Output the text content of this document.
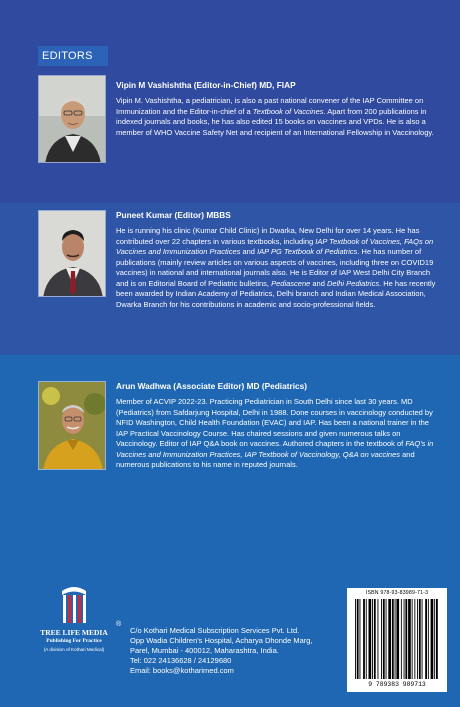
EDITORS
Vipin M Vashishtha (Editor-in-Chief) MD, FIAP
Vipin M. Vashishtha, a pediatrician, is also a past national convener of the IAP Committee on Immunization and the Editor-in-chief of a Textbook of Vaccines. Apart from 200 publications in indexed journals and books, he has also edited 15 books on vaccines and VPDs. He is also a member of WHO Vaccine Safety Net and recipient of an International Fellowship in Vaccinology.
Puneet Kumar (Editor) MBBS
He is running his clinic (Kumar Child Clinic) in Dwarka, New Delhi for over 14 years. He has contributed over 22 chapters in various textbooks, including IAP Textbook of Vaccines, FAQs on Vaccines and Immunization Practices and IAP PG Textbook of Pediatrics. He has number of publications (mainly review articles on various aspects of vaccines, including three on COVID19 vaccines) in national and international journals also. He is Editor of IAP West Delhi City Branch and is on Editorial Board of Pediatric bulletins, Pediascene and Delhi Pediatrics. He has recently been awarded by Indian Academy of Pediatrics, Delhi branch and Indian Medical Association, Dwarka Branch for his contributions in academic and socio-professional fields.
Arun Wadhwa (Associate Editor) MD (Pediatrics)
Member of ACVIP 2022-23. Practicing Pediatrician in South Delhi since last 30 years. MD (Pediatrics) from Safdarjung Hospital, Delhi in 1988. Done courses in vaccinology conducted by NFID Washington, Child Health Foundation (EVAC) and IAP. Has been a national trainer in the IAP Practical Vaccinology Course. Has chaired sessions and given numerous talks on Vaccinology. Editor of IAP Q&A book on vaccines. Authored chapters in the textbook of FAQ's in Vaccines and Immunization Practices, IAP Textbook of Vaccinology, Q&A on vaccines and numerous publications to his name in reputed journals.
TREE LIFE MEDIA
®
Publishing For Practice
(A division of Kothari Medical)
C/o Kothari Medical Subscription Services Pvt. Ltd.
Opp Wadia Children's Hospital, Acharya Dhonde Marg,
Parel, Mumbai - 400012, Maharashtra, India.
Tel: 022 24136628 / 24129680
Email: books@kotharimed.com
ISBN 978-93-83989-71-3
9 789383 989713
